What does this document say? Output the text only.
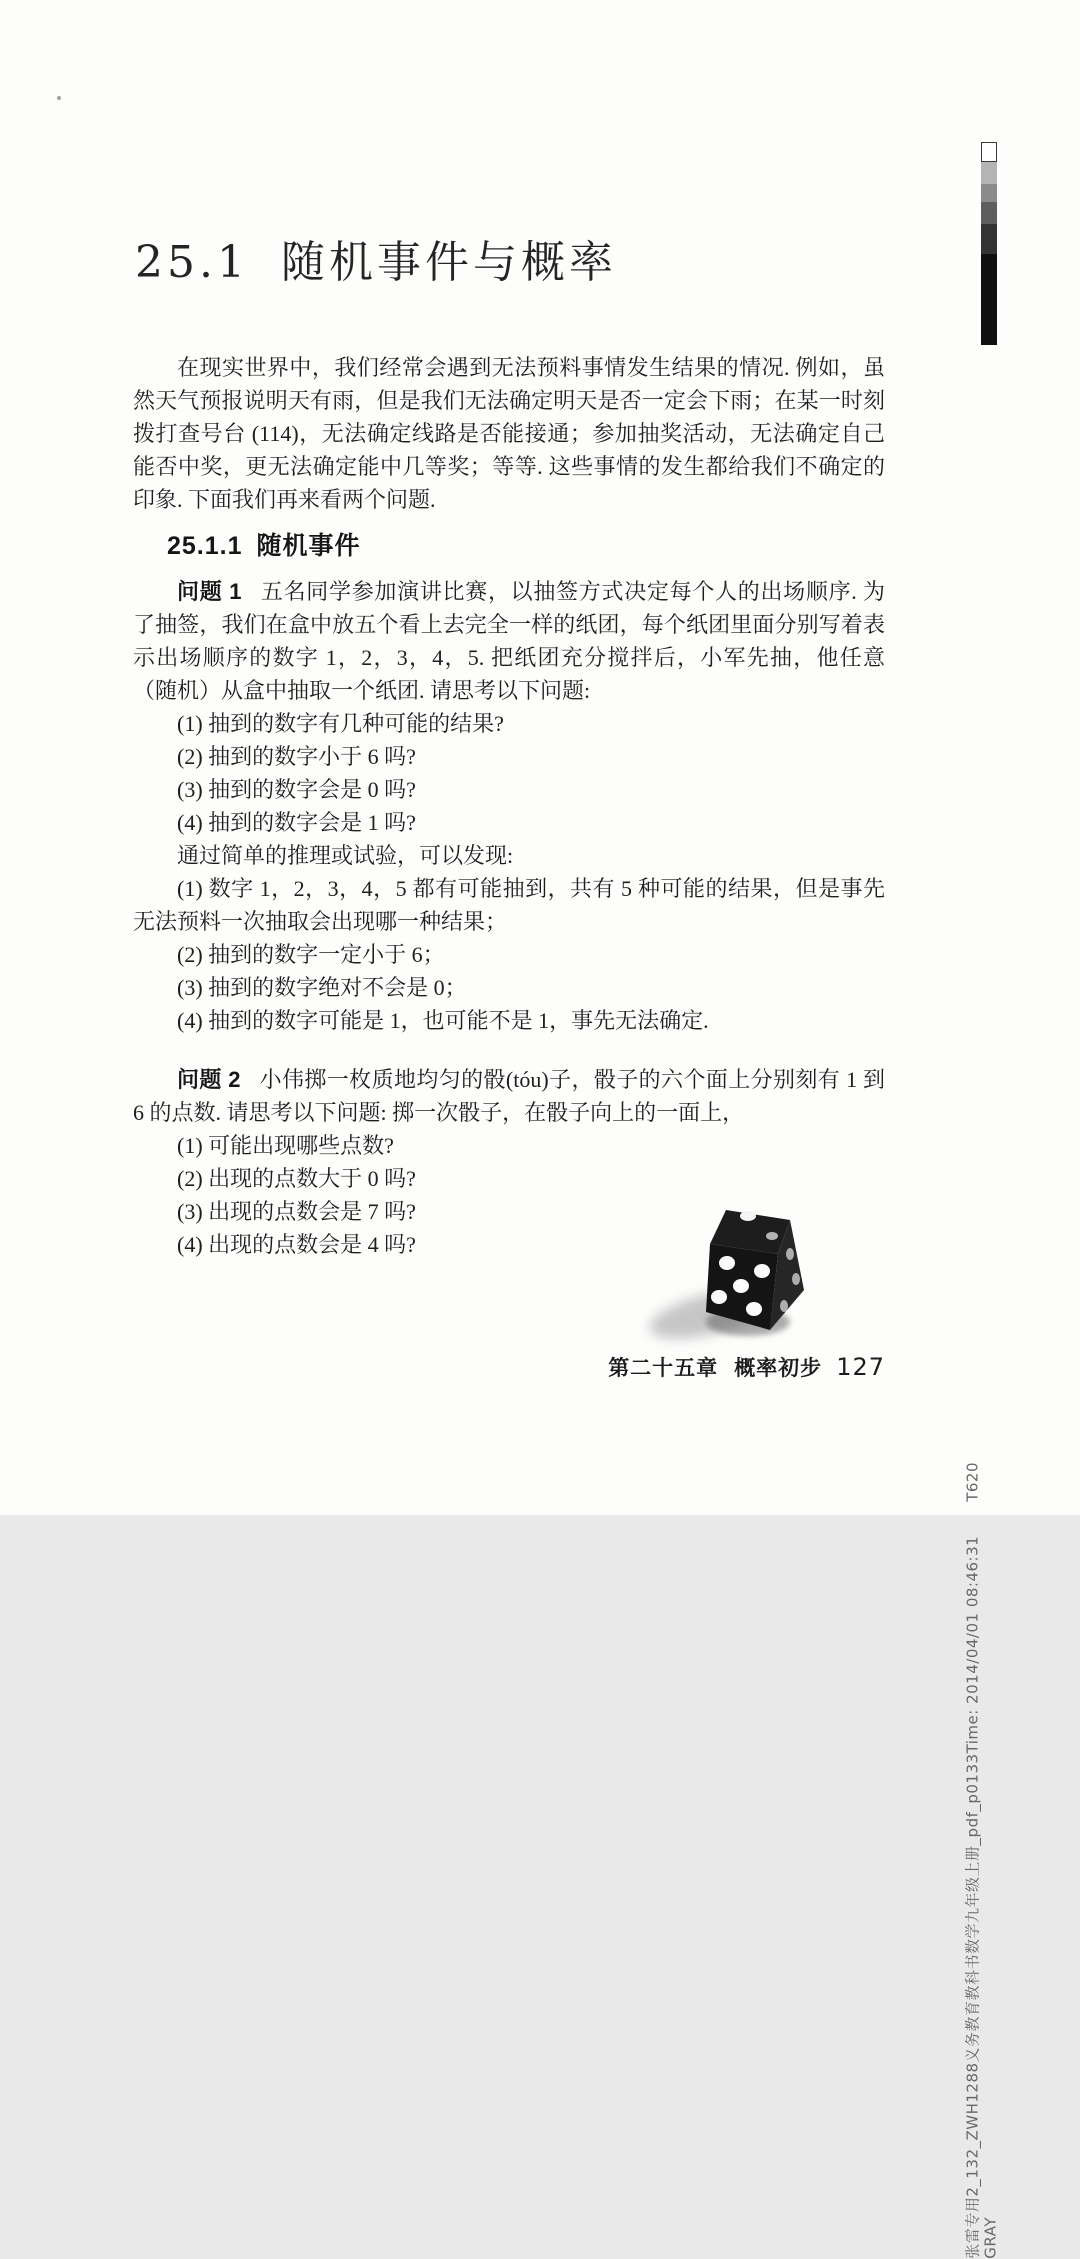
25.1 随机事件与概率

在现实世界中，我们经常会遇到无法预料事情发生结果的情况. 例如，虽然天气预报说明天有雨，但是我们无法确定明天是否一定会下雨；在某一时刻拨打查号台 (114)，无法确定线路是否能接通；参加抽奖活动，无法确定自己能否中奖，更无法确定能中几等奖；等等. 这些事情的发生都给我们不确定的印象. 下面我们再来看两个问题.

25.1.1 随机事件

问题 1 五名同学参加演讲比赛，以抽签方式决定每个人的出场顺序. 为了抽签，我们在盒中放五个看上去完全一样的纸团，每个纸团里面分别写着表示出场顺序的数字 1，2，3，4，5. 把纸团充分搅拌后，小军先抽，他任意（随机）从盒中抽取一个纸团. 请思考以下问题:

(1) 抽到的数字有几种可能的结果?

(2) 抽到的数字小于 6 吗?

(3) 抽到的数字会是 0 吗?

(4) 抽到的数字会是 1 吗?

通过简单的推理或试验，可以发现:

(1) 数字 1，2，3，4，5 都有可能抽到，共有 5 种可能的结果，但是事先无法预料一次抽取会出现哪一种结果；

(2) 抽到的数字一定小于 6；

(3) 抽到的数字绝对不会是 0；

(4) 抽到的数字可能是 1，也可能不是 1，事先无法确定.

问题 2 小伟掷一枚质地均匀的骰(tóu)子，骰子的六个面上分别刻有 1 到 6 的点数. 请思考以下问题: 掷一次骰子，在骰子向上的一面上，

(1) 可能出现哪些点数?

(2) 出现的点数大于 0 吗?

(3) 出现的点数会是 7 吗?

(4) 出现的点数会是 4 吗?

第二十五章 概率初步 127
张雷专用2_132_ZWH1288义务教育教科书数学九年级上册_pdf_p0133Time: 2014/04/01 08:46:31T620
GRAY
